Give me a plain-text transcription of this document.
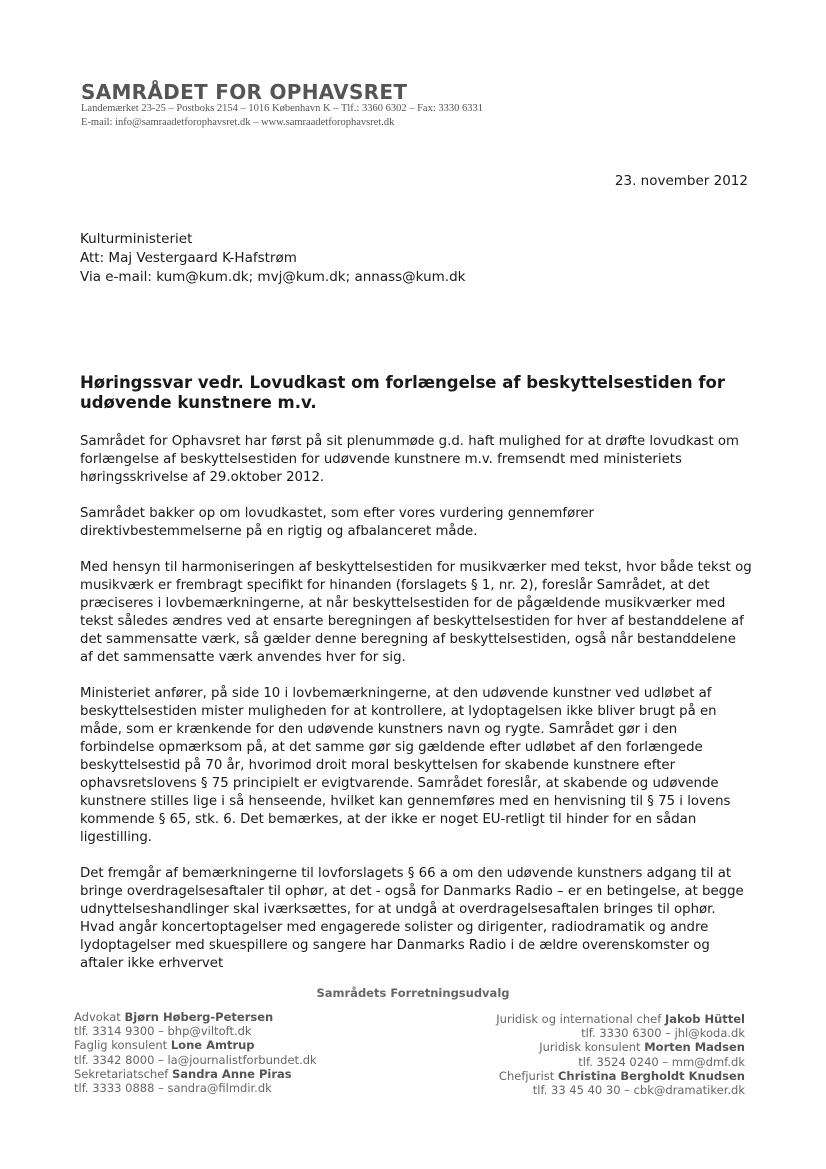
SAMRÅDET FOR OPHAVSRET
Landemærket 23-25 – Postboks 2154 – 1016 København K – Tlf.: 3360 6302 – Fax: 3330 6331
E-mail: info@samraadetforophavsret.dk – www.samraadetforophavsret.dk
23. november 2012
Kulturministeriet
Att: Maj Vestergaard K-Hafstrøm
Via e-mail: kum@kum.dk; mvj@kum.dk; annass@kum.dk
Høringssvar vedr. Lovudkast om forlængelse af beskyttelsestiden for udøvende kunstnere m.v.

Samrådet for Ophavsret har først på sit plenummøde g.d. haft mulighed for at drøfte lovudkast om forlængelse af beskyttelsestiden for udøvende kunstnere m.v. fremsendt med ministeriets høringsskrivelse af 29.oktober 2012.

Samrådet bakker op om lovudkastet, som efter vores vurdering gennemfører direktivbestemmelserne på en rigtig og afbalanceret måde.

Med hensyn til harmoniseringen af beskyttelsestiden for musikværker med tekst, hvor både tekst og musikværk er frembragt specifikt for hinanden (forslagets § 1, nr. 2), foreslår Samrådet, at det præciseres i lovbemærkningerne, at når beskyttelsestiden for de pågældende musikværker med tekst således ændres ved at ensarte beregningen af beskyttelsestiden for hver af bestanddelene af det sammensatte værk, så gælder denne beregning af beskyttelsestiden, også når bestanddelene af det sammensatte værk anvendes hver for sig.

Ministeriet anfører, på side 10 i lovbemærkningerne, at den udøvende kunstner ved udløbet af beskyttelsestiden mister muligheden for at kontrollere, at lydoptagelsen ikke bliver brugt på en måde, som er krænkende for den udøvende kunstners navn og rygte. Samrådet gør i den forbindelse opmærksom på, at det samme gør sig gældende efter udløbet af den forlængede beskyttelsestid på 70 år, hvorimod droit moral beskyttelsen for skabende kunstnere efter ophavsretslovens § 75 principielt er evigtvarende. Samrådet foreslår, at skabende og udøvende kunstnere stilles lige i så henseende, hvilket kan gennemføres med en henvisning til § 75 i lovens kommende § 65, stk. 6. Det bemærkes, at der ikke er noget EU-retligt til hinder for en sådan ligestilling.

Det fremgår af bemærkningerne til lovforslagets § 66 a om den udøvende kunstners adgang til at bringe overdragelsesaftaler til ophør, at det - også for Danmarks Radio – er en betingelse, at begge udnyttelseshandlinger skal iværksættes, for at undgå at overdragelsesaftalen bringes til ophør. Hvad angår koncertoptagelser med engagerede solister og dirigenter, radiodramatik og andre lydoptagelser med skuespillere og sangere har Danmarks Radio i de ældre overenskomster og aftaler ikke erhvervet

Samrådets Forretningsudvalg
Advokat Bjørn Høberg-Petersen
tlf. 3314 9300 – bhp@viltoft.dk
Faglig konsulent Lone Amtrup
tlf. 3342 8000 – la@journalistforbundet.dk
Sekretariatschef Sandra Anne Piras
tlf. 3333 0888 – sandra@filmdir.dk
Juridisk og international chef Jakob Hüttel
tlf. 3330 6300 – jhl@koda.dk
Juridisk konsulent Morten Madsen
tlf. 3524 0240 – mm@dmf.dk
Chefjurist Christina Bergholdt Knudsen
tlf. 33 45 40 30 – cbk@dramatiker.dk
